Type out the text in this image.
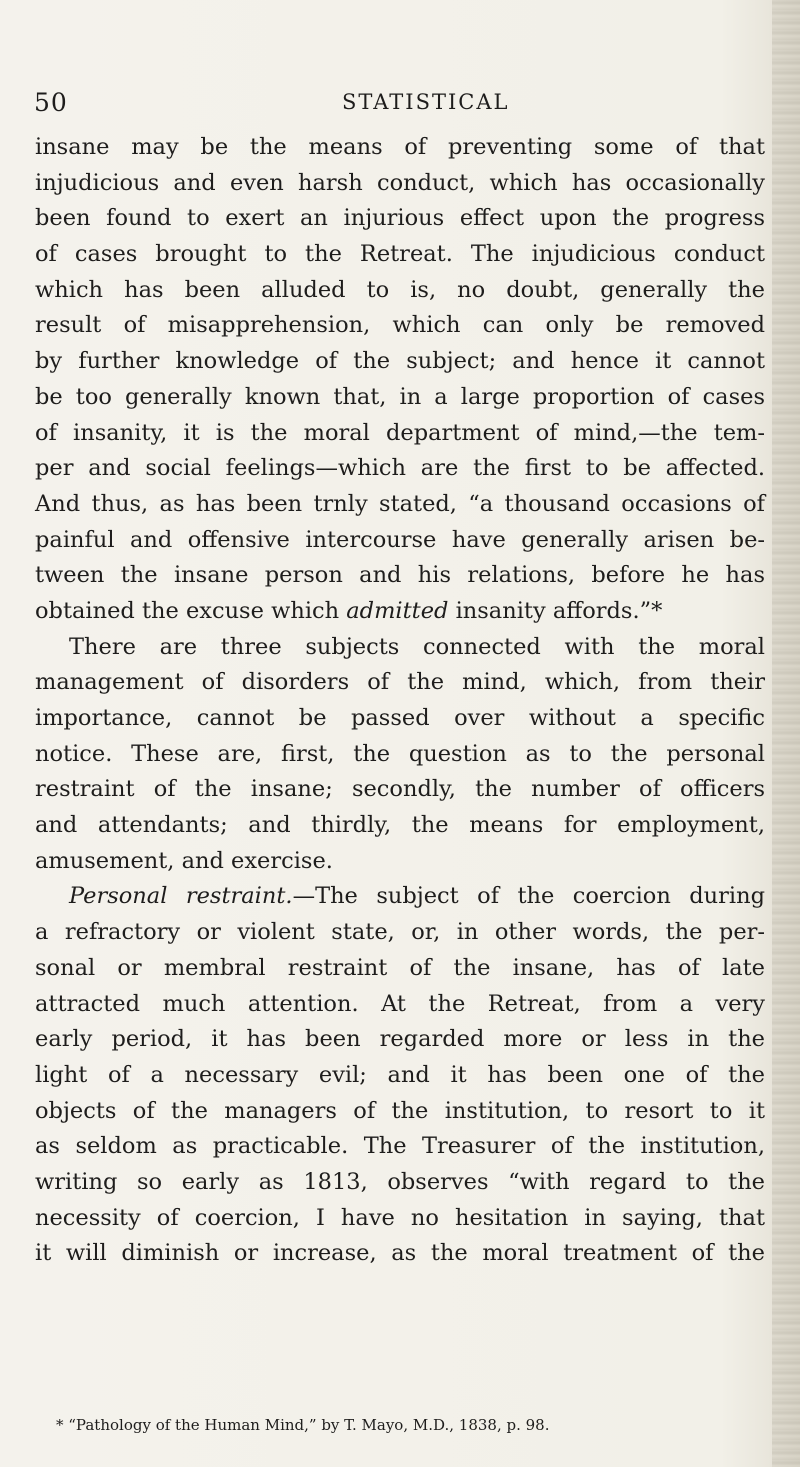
50	STATISTICAL
insane may be the means of preventing some of that
injudicious and even harsh conduct, which has occasionally
been found to exert an injurious effect upon the progress
of cases brought to the Retreat. The injudicious conduct
which has been alluded to is, no doubt, generally the
result of misapprehension, which can only be removed
by further knowledge of the subject; and hence it cannot
be too generally known that, in a large proportion of cases
of insanity, it is the moral department of mind,—the tem-
per and social feelings—which are the first to be affected.
And thus, as has been trnly stated, “a thousand occasions of
painful and offensive intercourse have generally arisen be-
tween the insane person and his relations, before he has
obtained the excuse which admitted insanity affords.”*
There are three subjects connected with the moral
management of disorders of the mind, which, from their
importance, cannot be passed over without a specific
notice. These are, first, the question as to the personal
restraint of the insane; secondly, the number of officers
and attendants; and thirdly, the means for employment,
amusement, and exercise.
Personal restraint.—The subject of the coercion during
a refractory or violent state, or, in other words, the per-
sonal or membral restraint of the insane, has of late
attracted much attention. At the Retreat, from a very
early period, it has been regarded more or less in the
light of a necessary evil; and it has been one of the
objects of the managers of the institution, to resort to it
as seldom as practicable. The Treasurer of the institution,
writing so early as 1813, observes “with regard to the
necessity of coercion, I have no hesitation in saying, that
it will diminish or increase, as the moral treatment of the
* “Pathology of the Human Mind,” by T. Mayo, M.D., 1838, p. 98.
